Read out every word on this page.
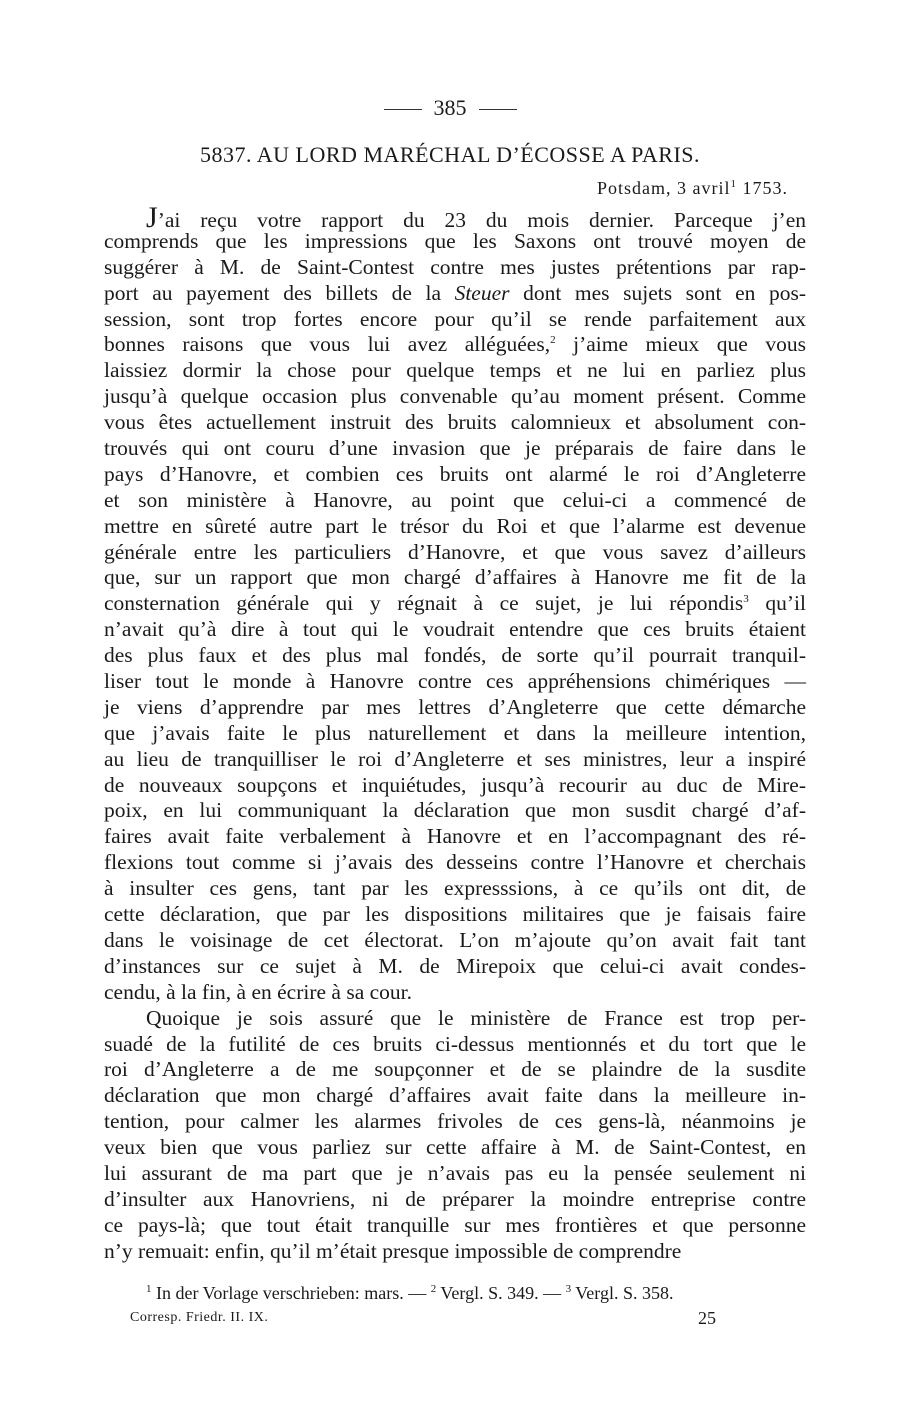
385
5837. AU LORD MARÉCHAL D’ÉCOSSE A PARIS.
Potsdam, 3 avril$^1$ 1753.
J’ai reçu votre rapport du 23 du mois dernier. Parceque j’en
comprends que les impressions que les Saxons ont trouvé moyen de
suggérer à M. de Saint-Contest contre mes justes prétentions par rap-
port au payement des billets de la Steuer dont mes sujets sont en pos-
session, sont trop fortes encore pour qu’il se rende parfaitement aux
bonnes raisons que vous lui avez alléguées,$^2$ j’aime mieux que vous
laissiez dormir la chose pour quelque temps et ne lui en parliez plus
jusqu’à quelque occasion plus convenable qu’au moment présent. Comme
vous êtes actuellement instruit des bruits calomnieux et absolument con-
trouvés qui ont couru d’une invasion que je préparais de faire dans le
pays d’Hanovre, et combien ces bruits ont alarmé le roi d’Angleterre
et son ministère à Hanovre, au point que celui-ci a commencé de
mettre en sûreté autre part le trésor du Roi et que l’alarme est devenue
générale entre les particuliers d’Hanovre, et que vous savez d’ailleurs
que, sur un rapport que mon chargé d’affaires à Hanovre me fit de la
consternation générale qui y régnait à ce sujet, je lui répondis$^3$ qu’il
n’avait qu’à dire à tout qui le voudrait entendre que ces bruits étaient
des plus faux et des plus mal fondés, de sorte qu’il pourrait tranquil-
liser tout le monde à Hanovre contre ces appréhensions chimériques —
je viens d’apprendre par mes lettres d’Angleterre que cette démarche
que j’avais faite le plus naturellement et dans la meilleure intention,
au lieu de tranquilliser le roi d’Angleterre et ses ministres, leur a inspiré
de nouveaux soupçons et inquiétudes, jusqu’à recourir au duc de Mire-
poix, en lui communiquant la déclaration que mon susdit chargé d’af-
faires avait faite verbalement à Hanovre et en l’accompagnant des ré-
flexions tout comme si j’avais des desseins contre l’Hanovre et cherchais
à insulter ces gens, tant par les expresssions, à ce qu’ils ont dit, de
cette déclaration, que par les dispositions militaires que je faisais faire
dans le voisinage de cet électorat. L’on m’ajoute qu’on avait fait tant
d’instances sur ce sujet à M. de Mirepoix que celui-ci avait condes-
cendu, à la fin, à en écrire à sa cour.
Quoique je sois assuré que le ministère de France est trop per-
suadé de la futilité de ces bruits ci-dessus mentionnés et du tort que le
roi d’Angleterre a de me soupçonner et de se plaindre de la susdite
déclaration que mon chargé d’affaires avait faite dans la meilleure in-
tention, pour calmer les alarmes frivoles de ces gens-là, néanmoins je
veux bien que vous parliez sur cette affaire à M. de Saint-Contest, en
lui assurant de ma part que je n’avais pas eu la pensée seulement ni
d’insulter aux Hanovriens, ni de préparer la moindre entreprise contre
ce pays-là; que tout était tranquille sur mes frontières et que personne
n’y remuait: enfin, qu’il m’était presque impossible de comprendre
$^1$ In der Vorlage verschrieben: mars. — $^2$ Vergl. S. 349. — $^3$ Vergl. S. 358.
Corresp. Friedr. II. IX.	25
